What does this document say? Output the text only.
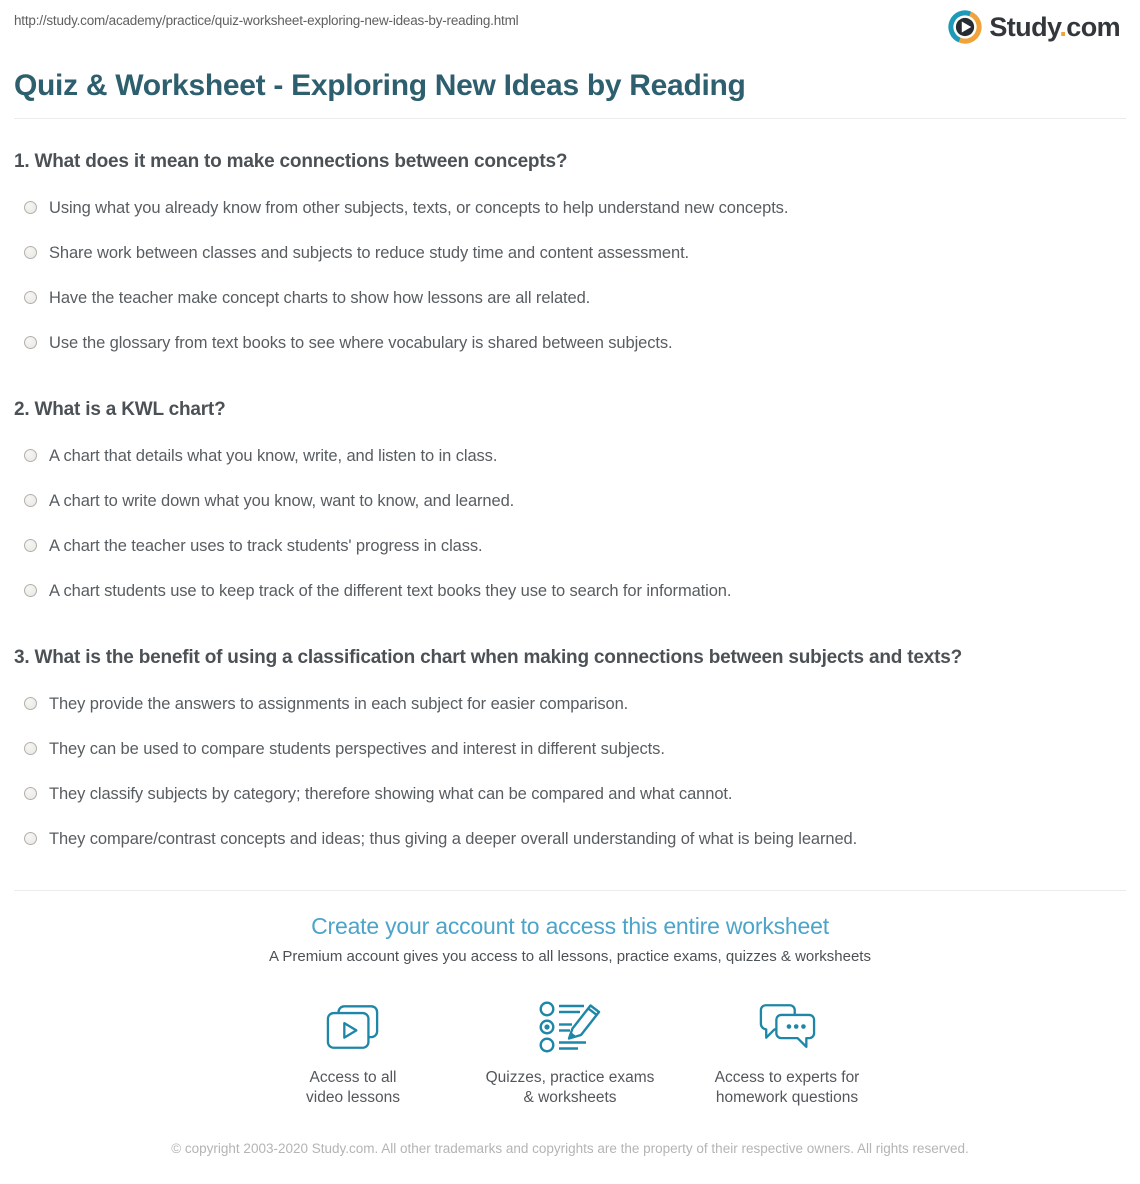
http://study.com/academy/practice/quiz-worksheet-exploring-new-ideas-by-reading.html	Study.com
Quiz & Worksheet - Exploring New Ideas by Reading
1. What does it mean to make connections between concepts?
Using what you already know from other subjects, texts, or concepts to help understand new concepts.
Share work between classes and subjects to reduce study time and content assessment.
Have the teacher make concept charts to show how lessons are all related.
Use the glossary from text books to see where vocabulary is shared between subjects.
2. What is a KWL chart?
A chart that details what you know, write, and listen to in class.
A chart to write down what you know, want to know, and learned.
A chart the teacher uses to track students' progress in class.
A chart students use to keep track of the different text books they use to search for information.
3. What is the benefit of using a classification chart when making connections between subjects and texts?
They provide the answers to assignments in each subject for easier comparison.
They can be used to compare students perspectives and interest in different subjects.
They classify subjects by category; therefore showing what can be compared and what cannot.
They compare/contrast concepts and ideas; thus giving a deeper overall understanding of what is being learned.
Create your account to access this entire worksheet

A Premium account gives you access to all lessons, practice exams, quizzes & worksheets

Access to all
video lessons
Quizzes, practice exams
& worksheets
Access to experts for
homework questions

© copyright 2003-2020 Study.com. All other trademarks and copyrights are the property of their respective owners. All rights reserved.
